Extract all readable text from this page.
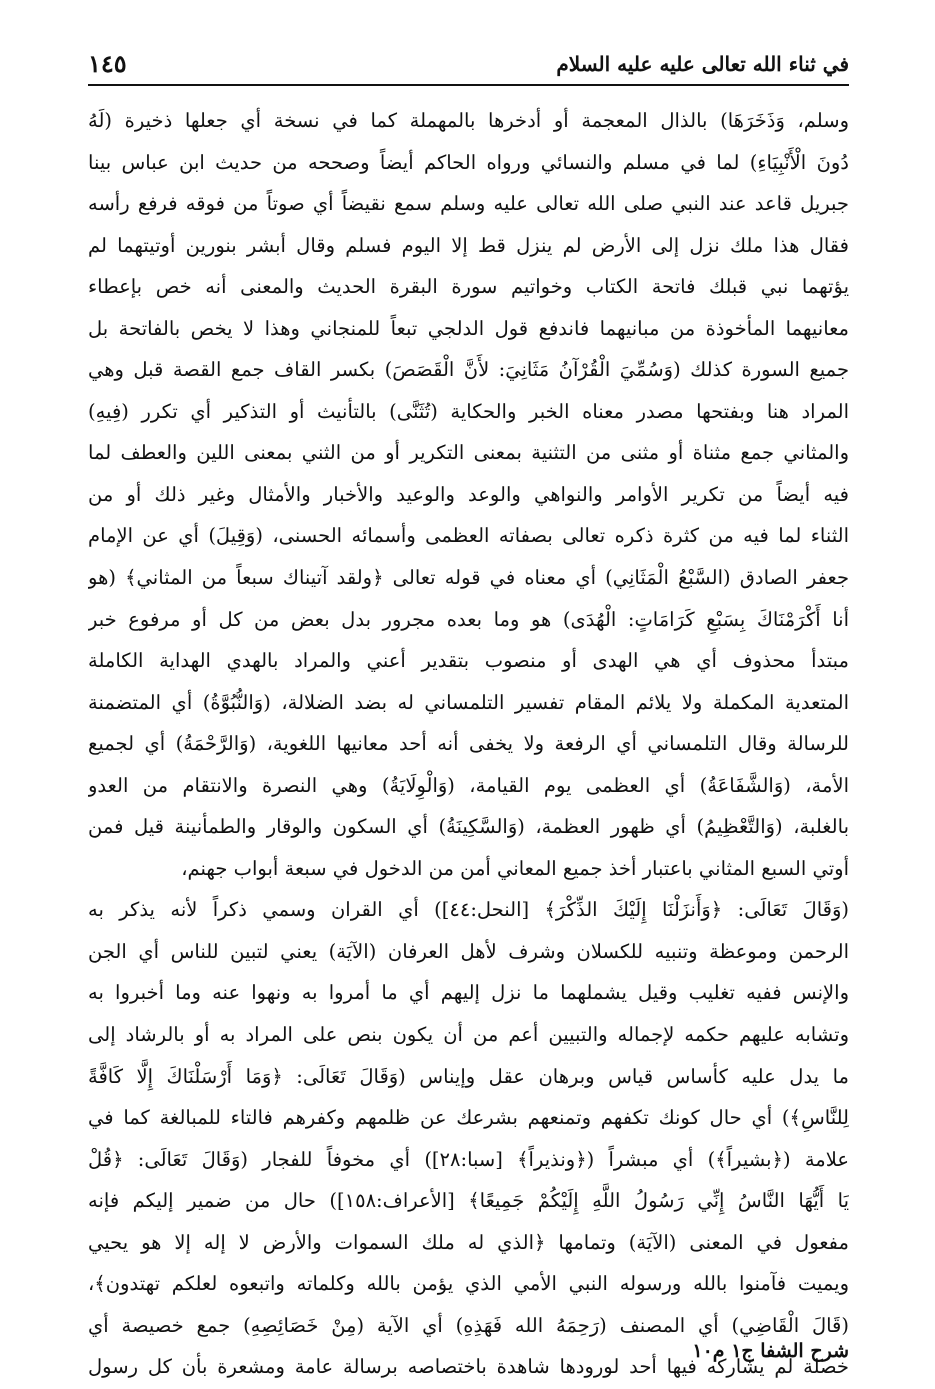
في ثناء الله تعالى عليه عليه السلام
١٤٥
وسلم، وَذَخَرَهَا) بالذال المعجمة أو أدخرها بالمهملة كما في نسخة أي جعلها ذخيرة (لَهُ
دُونَ الْأَنْبِيَاءِ) لما في مسلم والنسائي ورواه الحاكم أيضاً وصححه من حديث ابن عباس بينا
جبريل قاعد عند النبي صلى الله تعالى عليه وسلم سمع نقيضاً أي صوتاً من فوقه فرفع رأسه
فقال هذا ملك نزل إلى الأرض لم ينزل قط إلا اليوم فسلم وقال أبشر بنورين أوتيتهما لم
يؤتهما نبي قبلك فاتحة الكتاب وخواتيم سورة البقرة الحديث والمعنى أنه خص بإعطاء
معانيهما المأخوذة من مبانيهما فاندفع قول الدلجي تبعاً للمنجاني وهذا لا يخص بالفاتحة بل
جميع السورة كذلك (وَسُمِّيَ الْقُرْآنُ مَثَانِيَ: لأَنَّ الْقَصَصَ) بكسر القاف جمع القصة قبل وهي
المراد هنا وبفتحها مصدر معناه الخبر والحكاية (تُثَنَّى) بالتأنيث أو التذكير أي تكرر (فِيهِ)
والمثاني جمع مثناة أو مثنى من التثنية بمعنى التكرير أو من الثني بمعنى اللين والعطف لما
فيه أيضاً من تكرير الأوامر والنواهي والوعد والوعيد والأخبار والأمثال وغير ذلك أو من
الثناء لما فيه من كثرة ذكره تعالى بصفاته العظمى وأسمائه الحسنى، (وَقِيلَ) أي عن الإمام
جعفر الصادق (السَّبْعُ الْمَثَانِي) أي معناه في قوله تعالى ﴿ولقد آتيناك سبعاً من المثاني﴾ (هو
أنا أَكْرَمْنَاكَ بِسَبْعِ كَرَامَاتٍ: الْهُدَى) هو وما بعده مجرور بدل بعض من كل أو مرفوع خبر
مبتدأ محذوف أي هي الهدى أو منصوب بتقدير أعني والمراد بالهدي الهداية الكاملة
المتعدية المكملة ولا يلائم المقام تفسير التلمساني له بضد الضلالة، (وَالنُّبُوَّةُ) أي المتضمنة
للرسالة وقال التلمساني أي الرفعة ولا يخفى أنه أحد معانيها اللغوية، (وَالرَّحْمَةُ) أي لجميع
الأمة، (وَالشَّفَاعَةُ) أي العظمى يوم القيامة، (وَالْوِلَايَةُ) وهي النصرة والانتقام من العدو
بالغلبة، (وَالتَّعْظِيمُ) أي ظهور العظمة، (وَالسَّكِينَةُ) أي السكون والوقار والطمأنينة قيل فمن
أوتي السبع المثاني باعتبار أخذ جميع المعاني أمن من الدخول في سبعة أبواب جهنم،
(وَقَالَ تَعَالَى: ﴿وَأَنزَلْنَا إِلَيْكَ الذِّكْرَ﴾ [النحل:٤٤]) أي القران وسمي ذكراً لأنه يذكر به
الرحمن وموعظة وتنبيه للكسلان وشرف لأهل العرفان (الآيَة) يعني لتبين للناس أي الجن
والإنس ففيه تغليب وقيل يشملهما ما نزل إليهم أي ما أمروا به ونهوا عنه وما أخبروا به
وتشابه عليهم حكمه لإجماله والتبيين أعم من أن يكون بنص على المراد به أو بالرشاد إلى
ما يدل عليه كأساس قياس وبرهان عقل وإيناس (وَقَالَ تَعَالَى: ﴿وَمَا أَرْسَلْنَاكَ إِلَّا كَافَّةً
لِلنَّاسِ﴾) أي حال كونك تكفهم وتمنعهم بشرعك عن ظلمهم وكفرهم فالتاء للمبالغة كما في
علامة (﴿بشيراً﴾) أي مبشراً (﴿ونذيراً﴾ [سبا:٢٨]) أي مخوفاً للفجار (وَقَالَ تَعَالَى: ﴿قُلْ
يَا أَيُّهَا النَّاسُ إِنِّي رَسُولُ اللَّهِ إِلَيْكُمْ جَمِيعًا﴾ [الأعراف:١٥٨]) حال من ضمير إليكم فإنه
مفعول في المعنى (الآيَة) وتمامها ﴿الذي له ملك السموات والأرض لا إله إلا هو يحيي
ويميت فآمنوا بالله ورسوله النبي الأمي الذي يؤمن بالله وكلماته واتبعوه لعلكم تهتدون﴾،
(قَالَ الْقَاضِي) أي المصنف (رَحِمَهُ الله فَهَذِهِ) أي الآية (مِنْ خَصَائِصِهِ) جمع خصيصة أي
خصلة لم يشاركه فيها أحد لورودها شاهدة باختصاصه برسالة عامة ومشعرة بأن كل رسول
شرح الشفا ج١ م١٠
